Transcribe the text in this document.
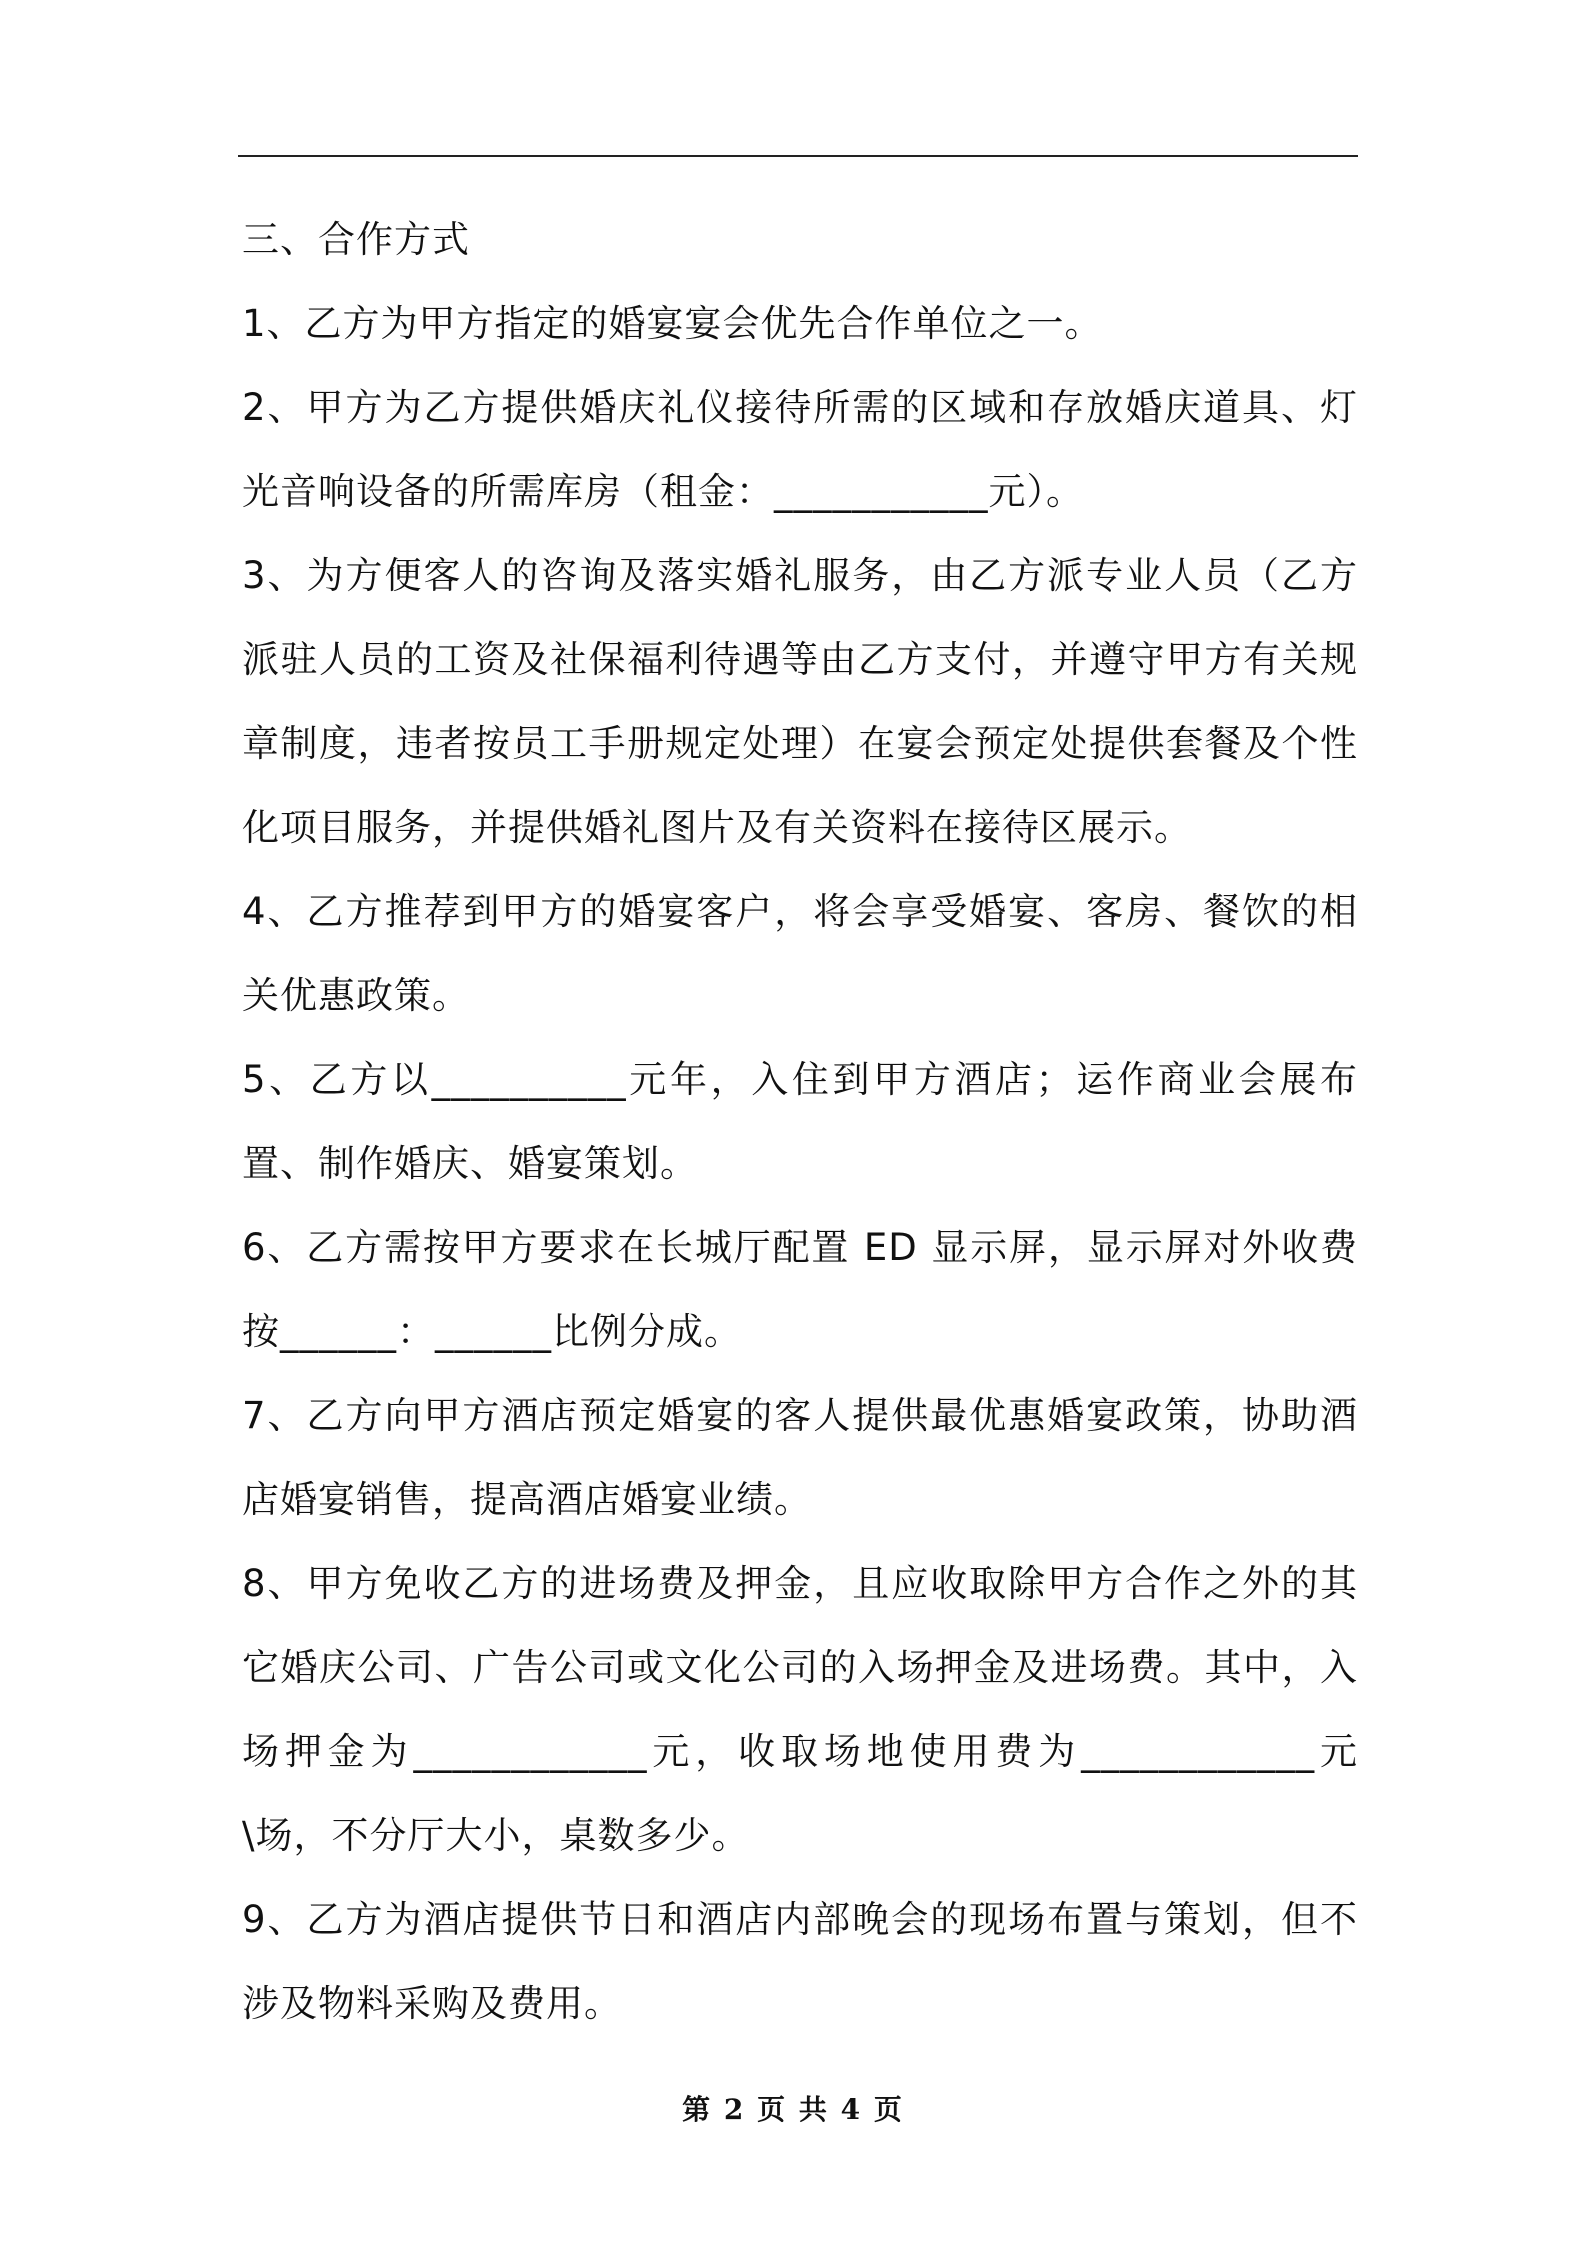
三、合作方式

1、乙方为甲方指定的婚宴宴会优先合作单位之一。

2、甲方为乙方提供婚庆礼仪接待所需的区域和存放婚庆道具、灯光音响设备的所需库房（租金：___________元）。

3、为方便客人的咨询及落实婚礼服务，由乙方派专业人员（乙方派驻人员的工资及社保福利待遇等由乙方支付，并遵守甲方有关规章制度，违者按员工手册规定处理）在宴会预定处提供套餐及个性化项目服务，并提供婚礼图片及有关资料在接待区展示。

4、乙方推荐到甲方的婚宴客户，将会享受婚宴、客房、餐饮的相关优惠政策。

5、乙方以__________元年，入住到甲方酒店；运作商业会展布置、制作婚庆、婚宴策划。

6、乙方需按甲方要求在长城厅配置 ED 显示屏，显示屏对外收费按______：______比例分成。

7、乙方向甲方酒店预定婚宴的客人提供最优惠婚宴政策，协助酒店婚宴销售，提高酒店婚宴业绩。

8、甲方免收乙方的进场费及押金，且应收取除甲方合作之外的其它婚庆公司、广告公司或文化公司的入场押金及进场费。其中，入场押金为____________元，收取场地使用费为____________元\场，不分厅大小，桌数多少。

9、乙方为酒店提供节日和酒店内部晚会的现场布置与策划，但不涉及物料采购及费用。

第 2 页 共 4 页
